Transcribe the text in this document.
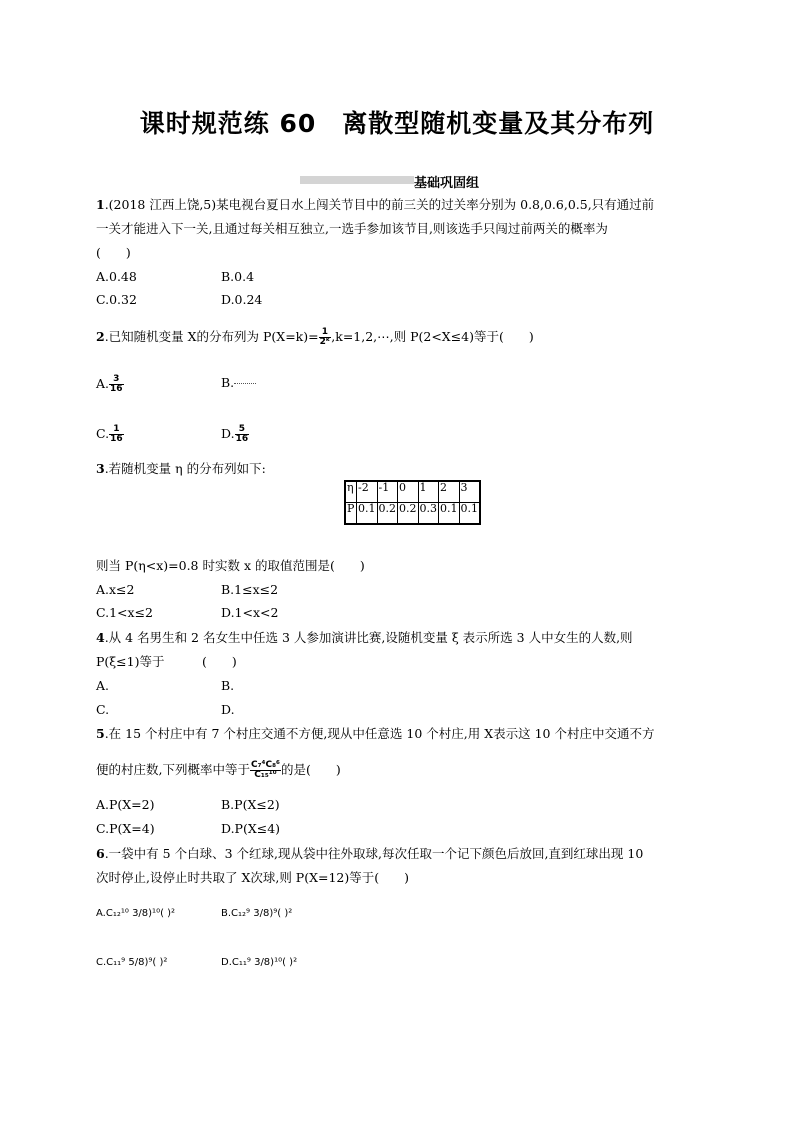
课时规范练 60　离散型随机变量及其分布列
基础巩固组
1.(2018 江西上饶,5)某电视台夏日水上闯关节目中的前三关的过关率分别为 0.8,0.6,0.5,只有通过前
一关才能进入下一关,且通过每关相互独立,一选手参加该节目,则该选手只闯过前两关的概率为
(　　)
A.0.48	B.0.4
C.0.32	D.0.24
2.已知随机变量 X的分布列为 $P(X=k)= \frac{1}{\text{2ᵏ}}$ ,k=1,2,⋯,则 P(2<X≤4)等于(　　)
A. $\frac{3}{16}$	B.
C. $\frac{1}{16}$	D. $\frac{5}{16}$
3.若随机变量 η 的分布列如下:
η	-2	-1	0	1	2	3
P	0.1	0.2	0.2	0.3	0.1	0.1
则当 P(η<x)=0.8 时实数 x 的取值范围是(　　)
A.x≤2	B.1≤x≤2
C.1<x≤2	D.1<x<2
4.从 4 名男生和 2 名女生中任选 3 人参加演讲比赛,设随机变量 ξ 表示所选 3 人中女生的人数,则
P(ξ≤1)等于　　　(　　)
A.	B.
C.	D.
5.在 15 个村庄中有 7 个村庄交通不方便,现从中任意选 10 个村庄,用 X表示这 10 个村庄中交通不方
便的村庄数,下列概率中等于 $\frac{\text{C₇⁴C₈⁶}}{\text{C₁₅¹⁰}}$ 的是(　　)
A.P(X=2)	B.P(X≤2)
C.P(X=4)	D.P(X≤4)
6.一袋中有 5 个白球、3 个红球,现从袋中往外取球,每次任取一个记下颜色后放回,直到红球出现 10
次时停止,设停止时共取了 X次球,则 P(X=12)等于(　　)
A.C₁₂¹⁰ 3/8)¹⁰( )²	B.C₁₂⁹ 3/8)⁹( )²
C.C₁₁⁹ 5/8)⁹( )²	D.C₁₁⁹ 3/8)¹⁰( )²
